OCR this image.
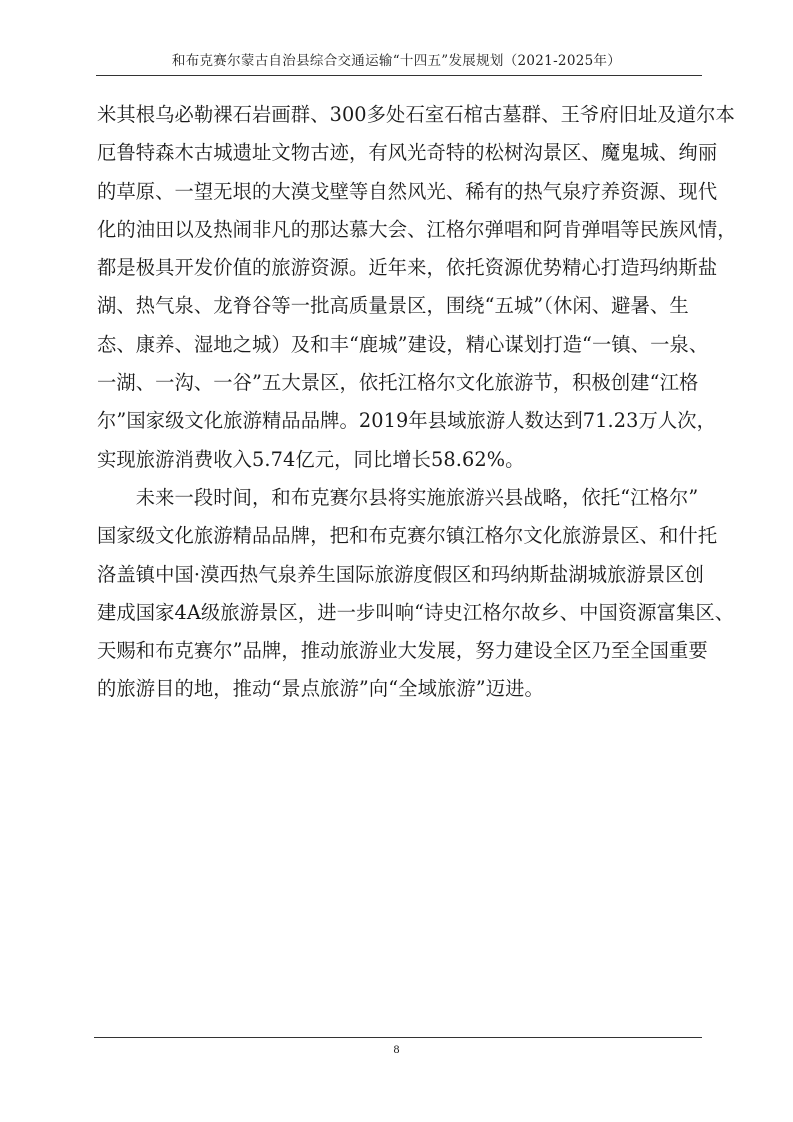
和布克赛尔蒙古自治县综合交通运输“十四五”发展规划（2021-2025年）
米其根乌必勒裸石岩画群、300多处石室石棺古墓群、王爷府旧址及道尔本
厄鲁特森木古城遗址文物古迹，有风光奇特的松树沟景区、魔鬼城、绚丽
的草原、一望无垠的大漠戈壁等自然风光、稀有的热气泉疗养资源、现代
化的油田以及热闹非凡的那达慕大会、江格尔弹唱和阿肯弹唱等民族风情，
都是极具开发价值的旅游资源。近年来，依托资源优势精心打造玛纳斯盐
湖、热气泉、龙脊谷等一批高质量景区，围绕“五城”（休闲、避暑、生
态、康养、湿地之城）及和丰“鹿城”建设，精心谋划打造“一镇、一泉、
一湖、一沟、一谷”五大景区，依托江格尔文化旅游节，积极创建“江格
尔”国家级文化旅游精品品牌。2019年县域旅游人数达到71.23万人次，
实现旅游消费收入5.74亿元，同比增长58.62%。
　　未来一段时间，和布克赛尔县将实施旅游兴县战略，依托“江格尔”
国家级文化旅游精品品牌，把和布克赛尔镇江格尔文化旅游景区、和什托
洛盖镇中国·漠西热气泉养生国际旅游度假区和玛纳斯盐湖城旅游景区创
建成国家4A级旅游景区，进一步叫响“诗史江格尔故乡、中国资源富集区、
天赐和布克赛尔”品牌，推动旅游业大发展，努力建设全区乃至全国重要
的旅游目的地，推动“景点旅游”向“全域旅游”迈进。
8
